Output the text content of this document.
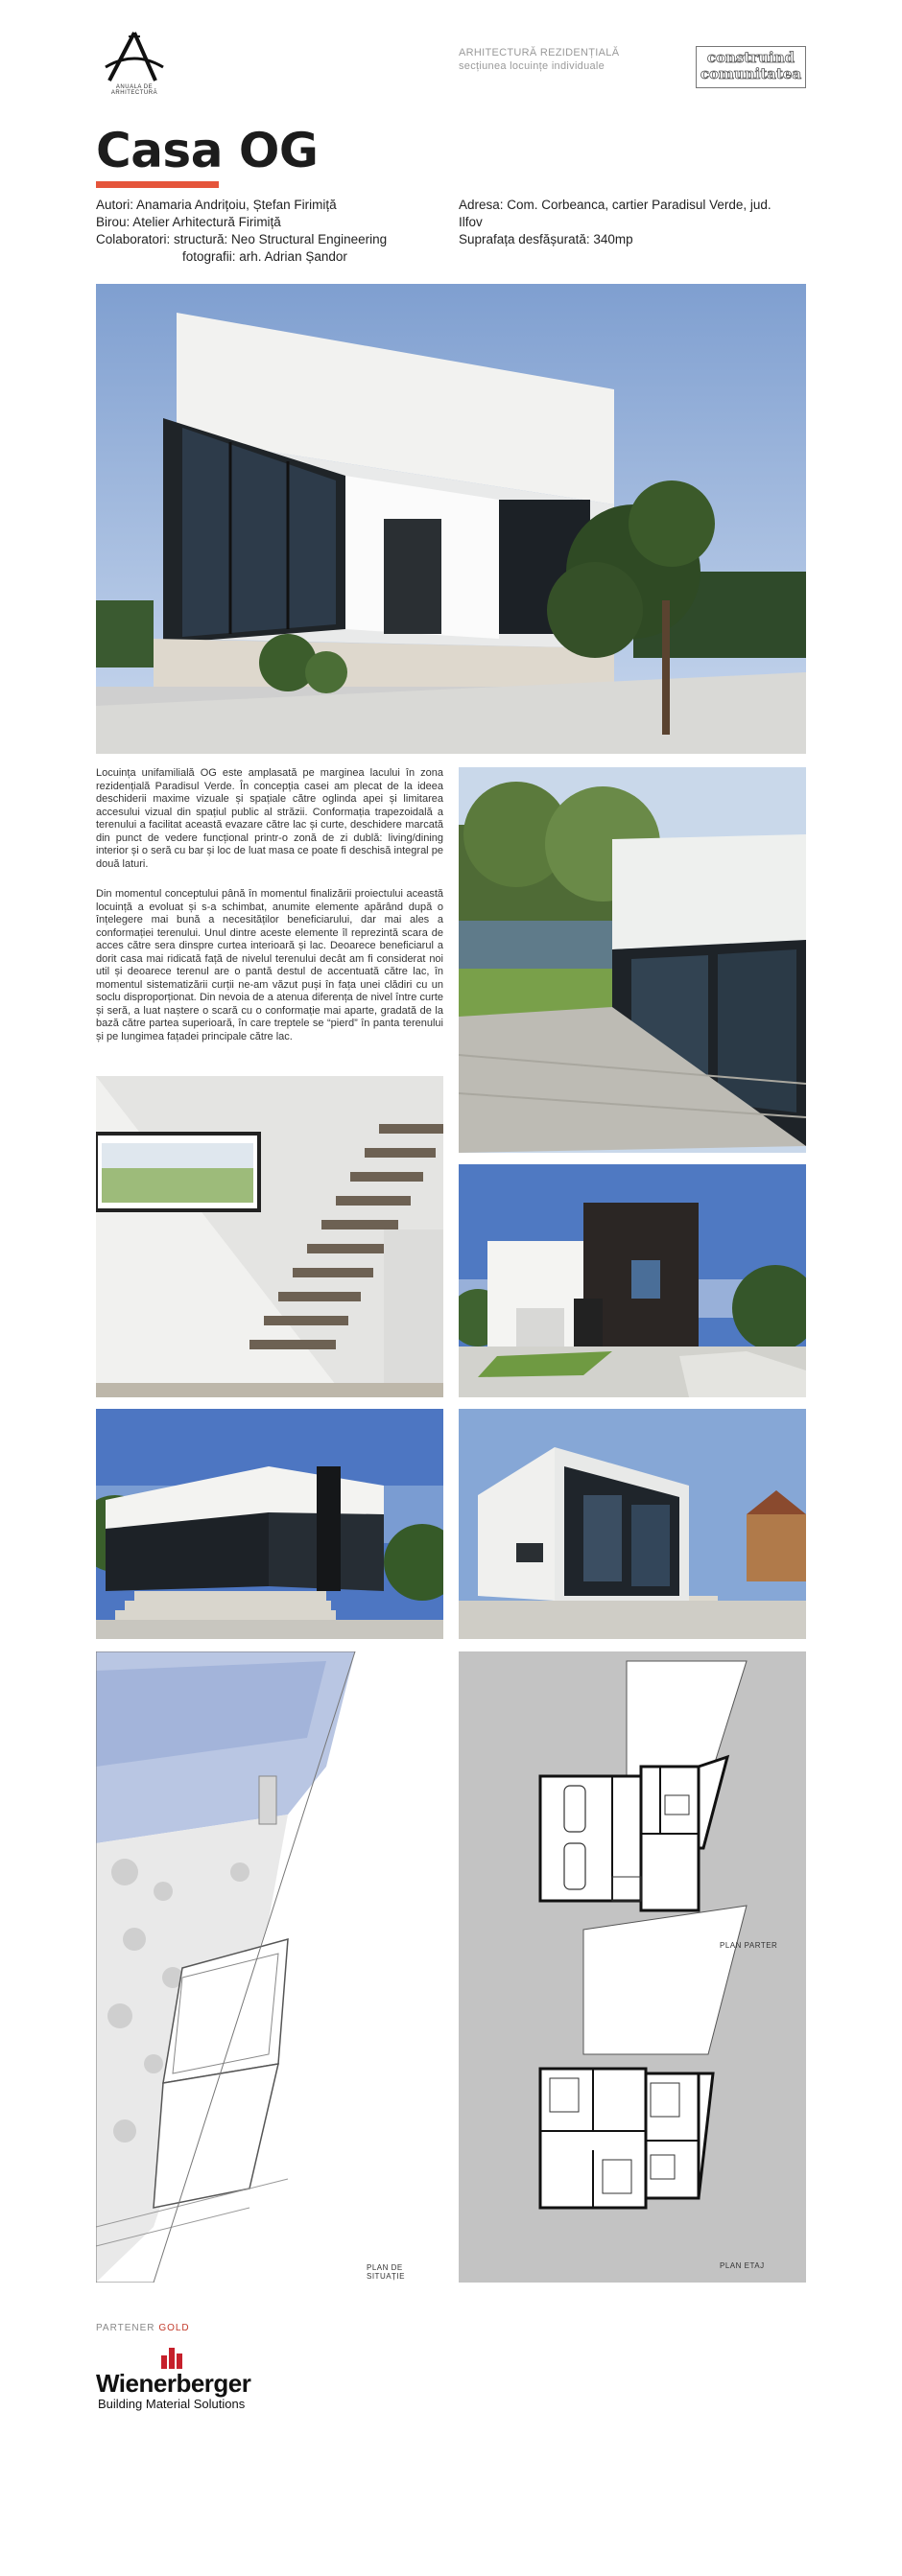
ANUALA DE ARHITECTURĂ
ARHITECTURĂ REZIDENȚIALĂ
secțiunea locuințe individuale	construind
comunitatea
Casa OG
Autori: Anamaria Andrițoiu, Ștefan Firimiță
Birou: Atelier Arhitectură Firimiță
Colaboratori: structură: Neo Structural Engineering
fotografii: arh. Adrian Șandor
Adresa: Com. Corbeanca, cartier Paradisul Verde, jud. Ilfov
Suprafața desfășurată: 340mp
Locuința unifamilială OG este amplasată pe marginea lacului în zona rezidențială Paradisul Verde. În concepția casei am plecat de la ideea deschiderii maxime vizuale și spațiale către oglinda apei și limitarea accesului vizual din spațiul public al străzii. Conformația trapezoidală a terenului a facilitat această evazare către lac și curte, deschidere marcată din punct de vedere funcțional printr-o zonă de zi dublă: living/dining interior și o seră cu bar și loc de luat masa ce poate fi deschisă integral pe două laturi.
Din momentul conceptului până în momentul finalizării proiectului această locuință a evoluat și s-a schimbat, anumite elemente apărând după o înțelegere mai bună a necesităților beneficiarului, dar mai ales a conformației terenului. Unul dintre aceste elemente îl reprezintă scara de acces către sera dinspre curtea interioară și lac. Deoarece beneficiarul a dorit casa mai ridicată față de nivelul terenului decât am fi considerat noi util și deoarece terenul are o pantă destul de accentuată către lac, în momentul sistematizării curții ne-am văzut puși în fața unei clădiri cu un soclu disproporționat. Din nevoia de a atenua diferența de nivel între curte și seră, a luat naștere o scară cu o conformație mai aparte, gradată de la bază către partea superioară, în care treptele se “pierd” în panta terenului și pe lungimea fațadei principale către lac.
PLAN DE SITUAȚIE
PLAN PARTER
PLAN ETAJ
PARTENER GOLD
Wienerberger
Building Material Solutions
